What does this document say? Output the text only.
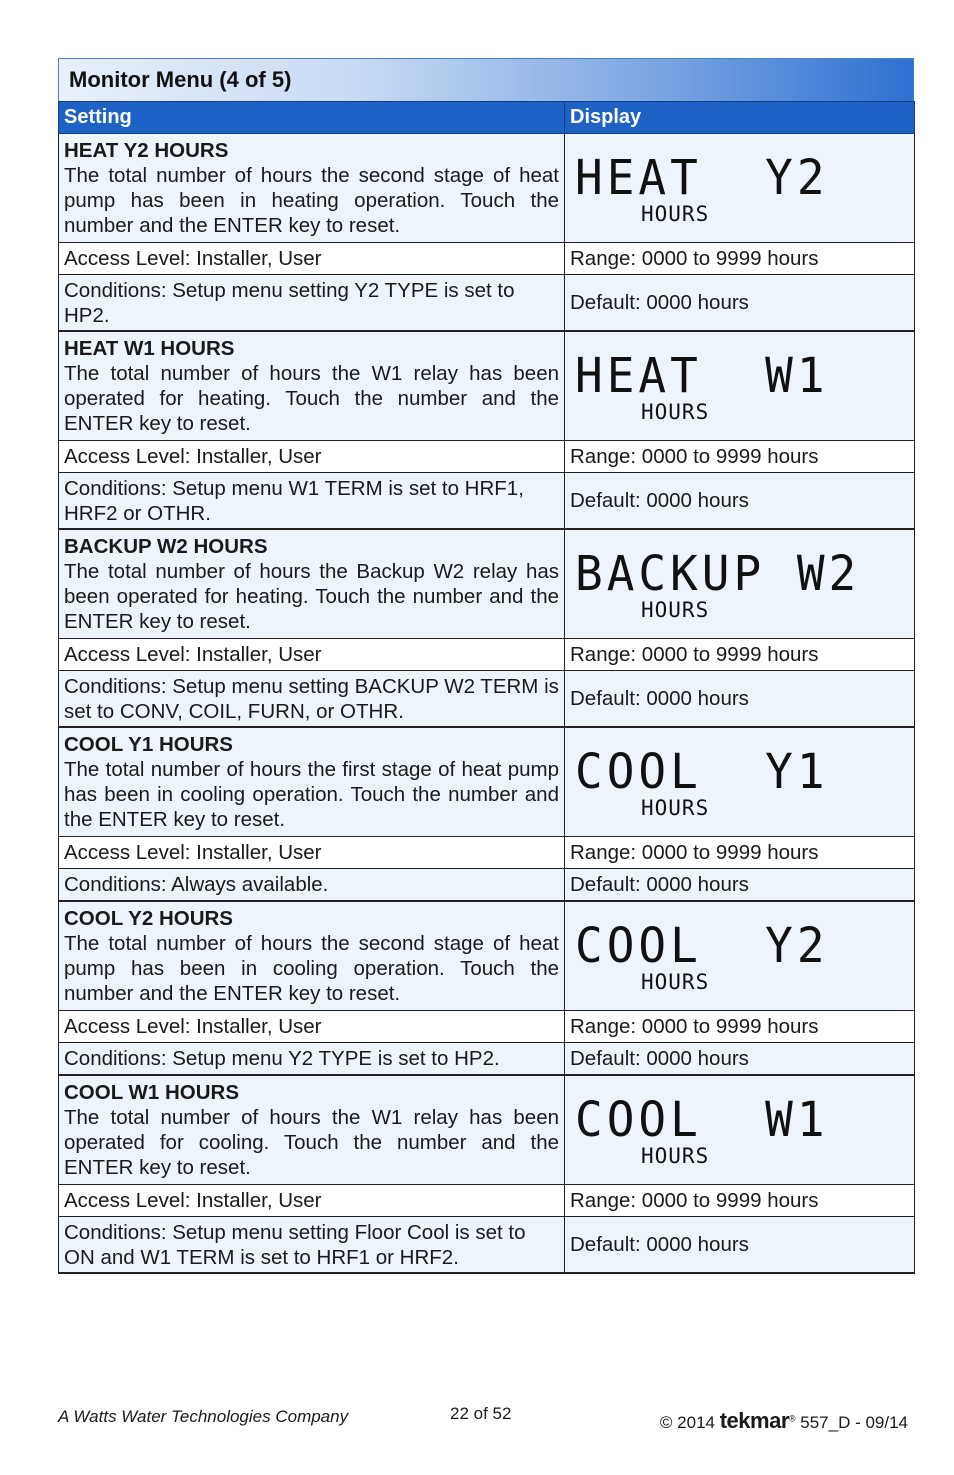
Monitor Menu (4 of 5)
Setting	Display

HEAT Y2 HOURS
The total number of hours the second stage of heat pump has been in heating operation. Touch the number and the ENTER key to reset.	HEAT  Y2
HOURS

Access Level: Installer, User	Range: 0000 to 9999 hours
Conditions: Setup menu setting Y2 TYPE is set to HP2.	Default: 0000 hours

HEAT W1 HOURS
The total number of hours the W1 relay has been operated for heating. Touch the number and the ENTER key to reset.	HEAT  W1
HOURS

Access Level: Installer, User	Range: 0000 to 9999 hours
Conditions: Setup menu W1 TERM is set to HRF1, HRF2 or OTHR.	Default: 0000 hours

BACKUP W2 HOURS
The total number of hours the Backup W2 relay has been operated for heating. Touch the number and the ENTER key to reset.	BACKUP W2
HOURS

Access Level: Installer, User	Range: 0000 to 9999 hours
Conditions: Setup menu setting BACKUP W2 TERM is set to CONV, COIL, FURN, or OTHR.	Default: 0000 hours

COOL Y1 HOURS
The total number of hours the first stage of heat pump has been in cooling operation. Touch the number and the ENTER key to reset.	COOL  Y1
HOURS

Access Level: Installer, User	Range: 0000 to 9999 hours
Conditions: Always available.	Default: 0000 hours

COOL Y2 HOURS
The total number of hours the second stage of heat pump has been in cooling operation. Touch the number and the ENTER key to reset.	COOL  Y2
HOURS

Access Level: Installer, User	Range: 0000 to 9999 hours
Conditions: Setup menu Y2 TYPE is set to HP2.	Default: 0000 hours

COOL W1 HOURS
The total number of hours the W1 relay has been operated for cooling. Touch the number and the ENTER key to reset.	COOL  W1
HOURS

Access Level: Installer, User	Range: 0000 to 9999 hours
Conditions: Setup menu setting Floor Cool is set to ON and W1 TERM is set to HRF1 or HRF2.	Default: 0000 hours
A Watts Water Technologies Company	22 of 52	© 2014 tekmar® 557_D - 09/14
